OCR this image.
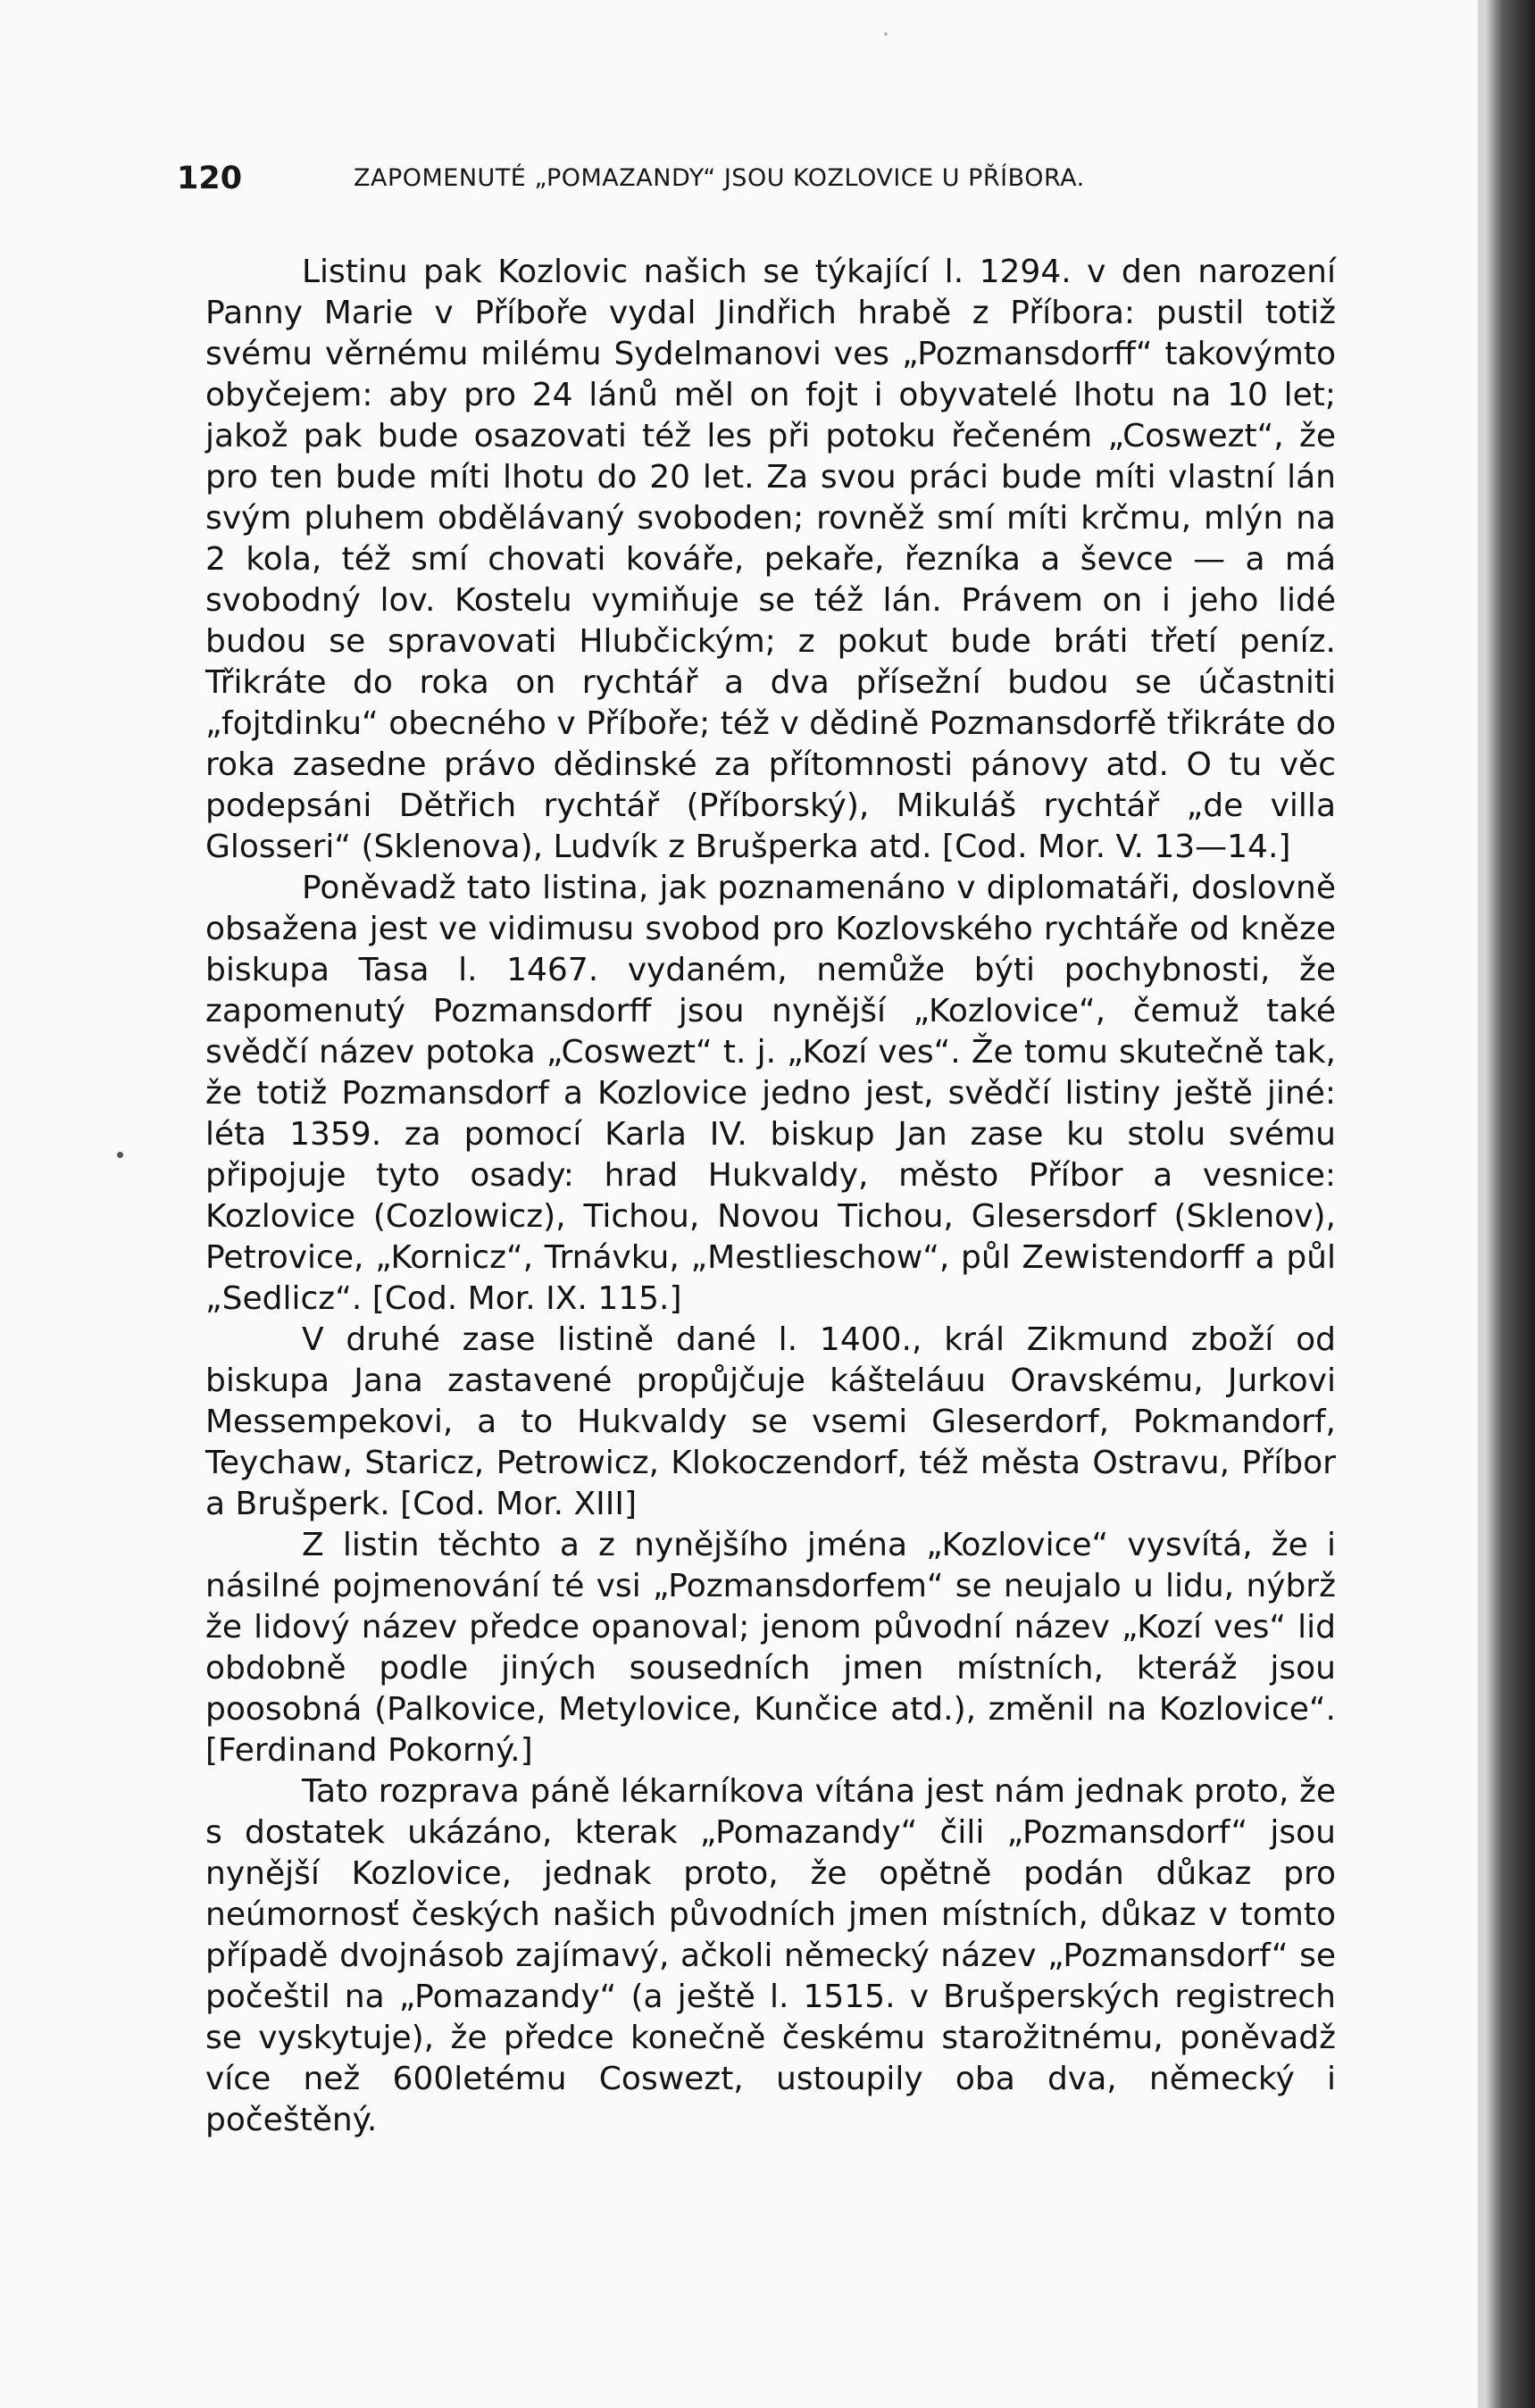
120	ZAPOMENUTÉ „POMAZANDY“ JSOU KOZLOVICE U PŘÍBORA.

Listinu pak Kozlovic našich se týkající l. 1294. v den narození Panny Marie v Příboře vydal Jindřich hrabě z Příbora: pustil totiž svému věrnému milému Sydelmanovi ves „Pozmansdorff“ takovýmto obyčejem: aby pro 24 lánů měl on fojt i obyvatelé lhotu na 10 let; jakož pak bude osazovati též les při potoku řečeném „Coswezt“, že pro ten bude míti lhotu do 20 let. Za svou práci bude míti vlastní lán svým pluhem obdělávaný svoboden; rovněž smí míti krčmu, mlýn na 2 kola, též smí chovati kováře, pekaře, řezníka a ševce — a má svobodný lov. Kostelu vymiňuje se též lán. Právem on i jeho lidé budou se spravovati Hlubčickým; z pokut bude bráti třetí peníz. Třikráte do roka on rychtář a dva přísežní budou se účastniti „fojtdinku“ obecného v Příboře; též v dědině Pozmansdorfě třikráte do roka zasedne právo dědinské za přítomnosti pánovy atd. O tu věc podepsáni Dětřich rychtář (Příborský), Mikuláš rychtář „de villa Glosseri“ (Sklenova), Ludvík z Brušperka atd. [Cod. Mor. V. 13—14.]

Poněvadž tato listina, jak poznamenáno v diplomatáři, doslovně obsažena jest ve vidimusu svobod pro Kozlovského rychtáře od kněze biskupa Tasa l. 1467. vydaném, nemůže býti pochybnosti, že zapomenutý Pozmansdorff jsou nynější „Kozlovice“, čemuž také svědčí název potoka „Coswezt“ t. j. „Kozí ves“. Že tomu skutečně tak, že totiž Pozmansdorf a Kozlovice jedno jest, svědčí listiny ještě jiné: léta 1359. za pomocí Karla IV. biskup Jan zase ku stolu svému připojuje tyto osady: hrad Hukvaldy, město Příbor a vesnice: Kozlovice (Cozlowicz), Tichou, Novou Tichou, Glesersdorf (Sklenov), Petrovice, „Kornicz“, Trnávku, „Mestlieschow“, půl Zewistendorff a půl „Sedlicz“. [Cod. Mor. IX. 115.]

V druhé zase listině dané l. 1400., král Zikmund zboží od biskupa Jana zastavené propůjčuje kášteláuu Oravskému, Jurkovi Messempekovi, a to Hukvaldy se vsemi Gleserdorf, Pokmandorf, Teychaw, Staricz, Petrowicz, Klokoczendorf, též města Ostravu, Příbor a Brušperk. [Cod. Mor. XIII]

Z listin těchto a z nynějšího jména „Kozlovice“ vysvítá, že i násilné pojmenování té vsi „Pozmansdorfem“ se neujalo u lidu, nýbrž že lidový název předce opanoval; jenom původní název „Kozí ves“ lid obdobně podle jiných sousedních jmen místních, kteráž jsou poosobná (Palkovice, Metylovice, Kunčice atd.), změnil na Kozlovice“. [Ferdinand Pokorný.]

Tato rozprava páně lékarníkova vítána jest nám jednak proto, že s dostatek ukázáno, kterak „Pomazandy“ čili „Pozmansdorf“ jsou nynější Kozlovice, jednak proto, že opětně podán důkaz pro neúmornosť českých našich původních jmen místních, důkaz v tomto případě dvojnásob zajímavý, ačkoli německý název „Pozmansdorf“ se počeštil na „Pomazandy“ (a ještě l. 1515. v Brušperských registrech se vyskytuje), že předce konečně českému starožitnému, poněvadž více než 600letému Coswezt, ustoupily oba dva, německý i počeštěný.
